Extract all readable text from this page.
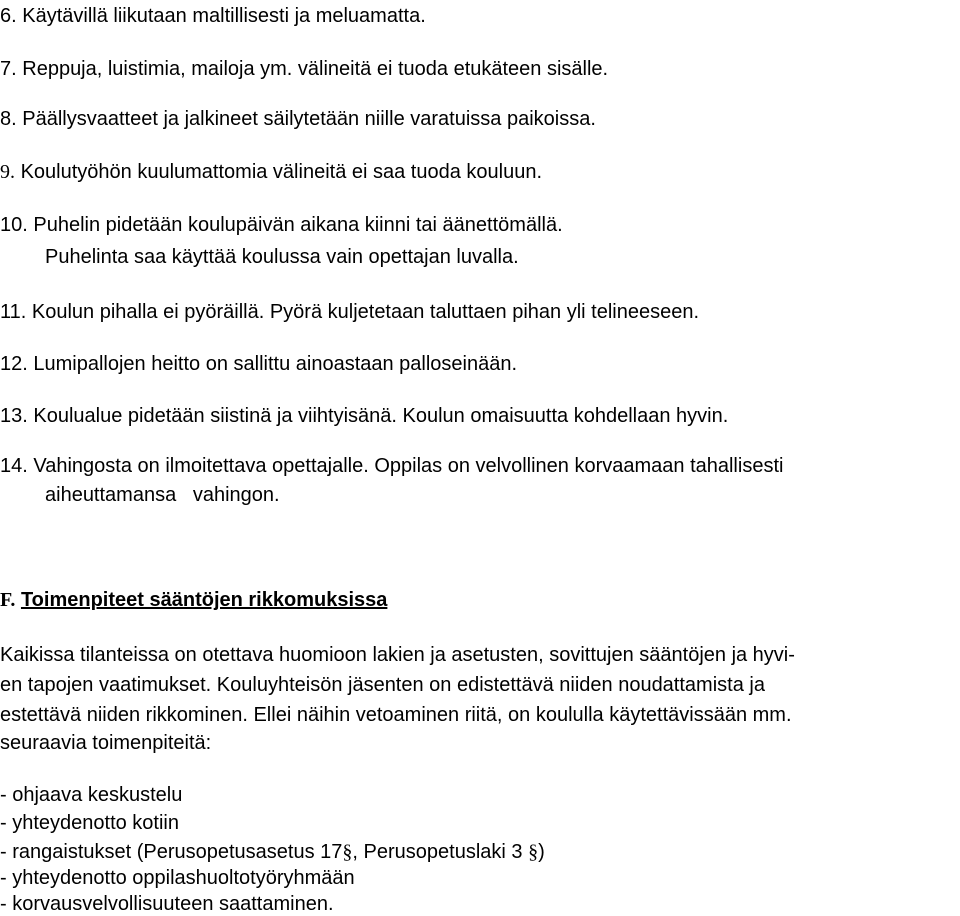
6. Käytävillä liikutaan maltillisesti ja meluamatta.
7. Reppuja, luistimia, mailoja ym. välineitä ei tuoda etukäteen sisälle.
8. Päällysvaatteet ja jalkineet säilytetään niille varatuissa paikoissa.
9. Koulutyöhön kuulumattomia välineitä ei saa tuoda kouluun.
10. Puhelin pidetään koulupäivän aikana kiinni tai äänettömällä.
Puhelinta saa käyttää koulussa vain opettajan luvalla.
11. Koulun pihalla ei pyöräillä. Pyörä kuljetetaan taluttaen pihan yli telineeseen.
12. Lumipallojen heitto on sallittu ainoastaan palloseinään.
13. Koulualue pidetään siistinä ja viihtyisänä. Koulun omaisuutta kohdellaan hyvin.
14. Vahingosta on ilmoitettava opettajalle. Oppilas on velvollinen korvaamaan tahallisesti
aiheuttamansa   vahingon.
F. Toimenpiteet sääntöjen rikkomuksissa
Kaikissa tilanteissa on otettava huomioon lakien ja asetusten, sovittujen sääntöjen ja hyvi-
en tapojen vaatimukset. Kouluyhteisön jäsenten on edistettävä niiden noudattamista ja
estettävä niiden rikkominen. Ellei näihin vetoaminen riitä, on koululla käytettävissään mm.
seuraavia toimenpiteitä:
- ohjaava keskustelu
- yhteydenotto kotiin
- rangaistukset (Perusopetusasetus 17§, Perusopetuslaki 3 §)
- yhteydenotto oppilashuoltotyöryhmään
- korvausvelvollisuuteen saattaminen.
